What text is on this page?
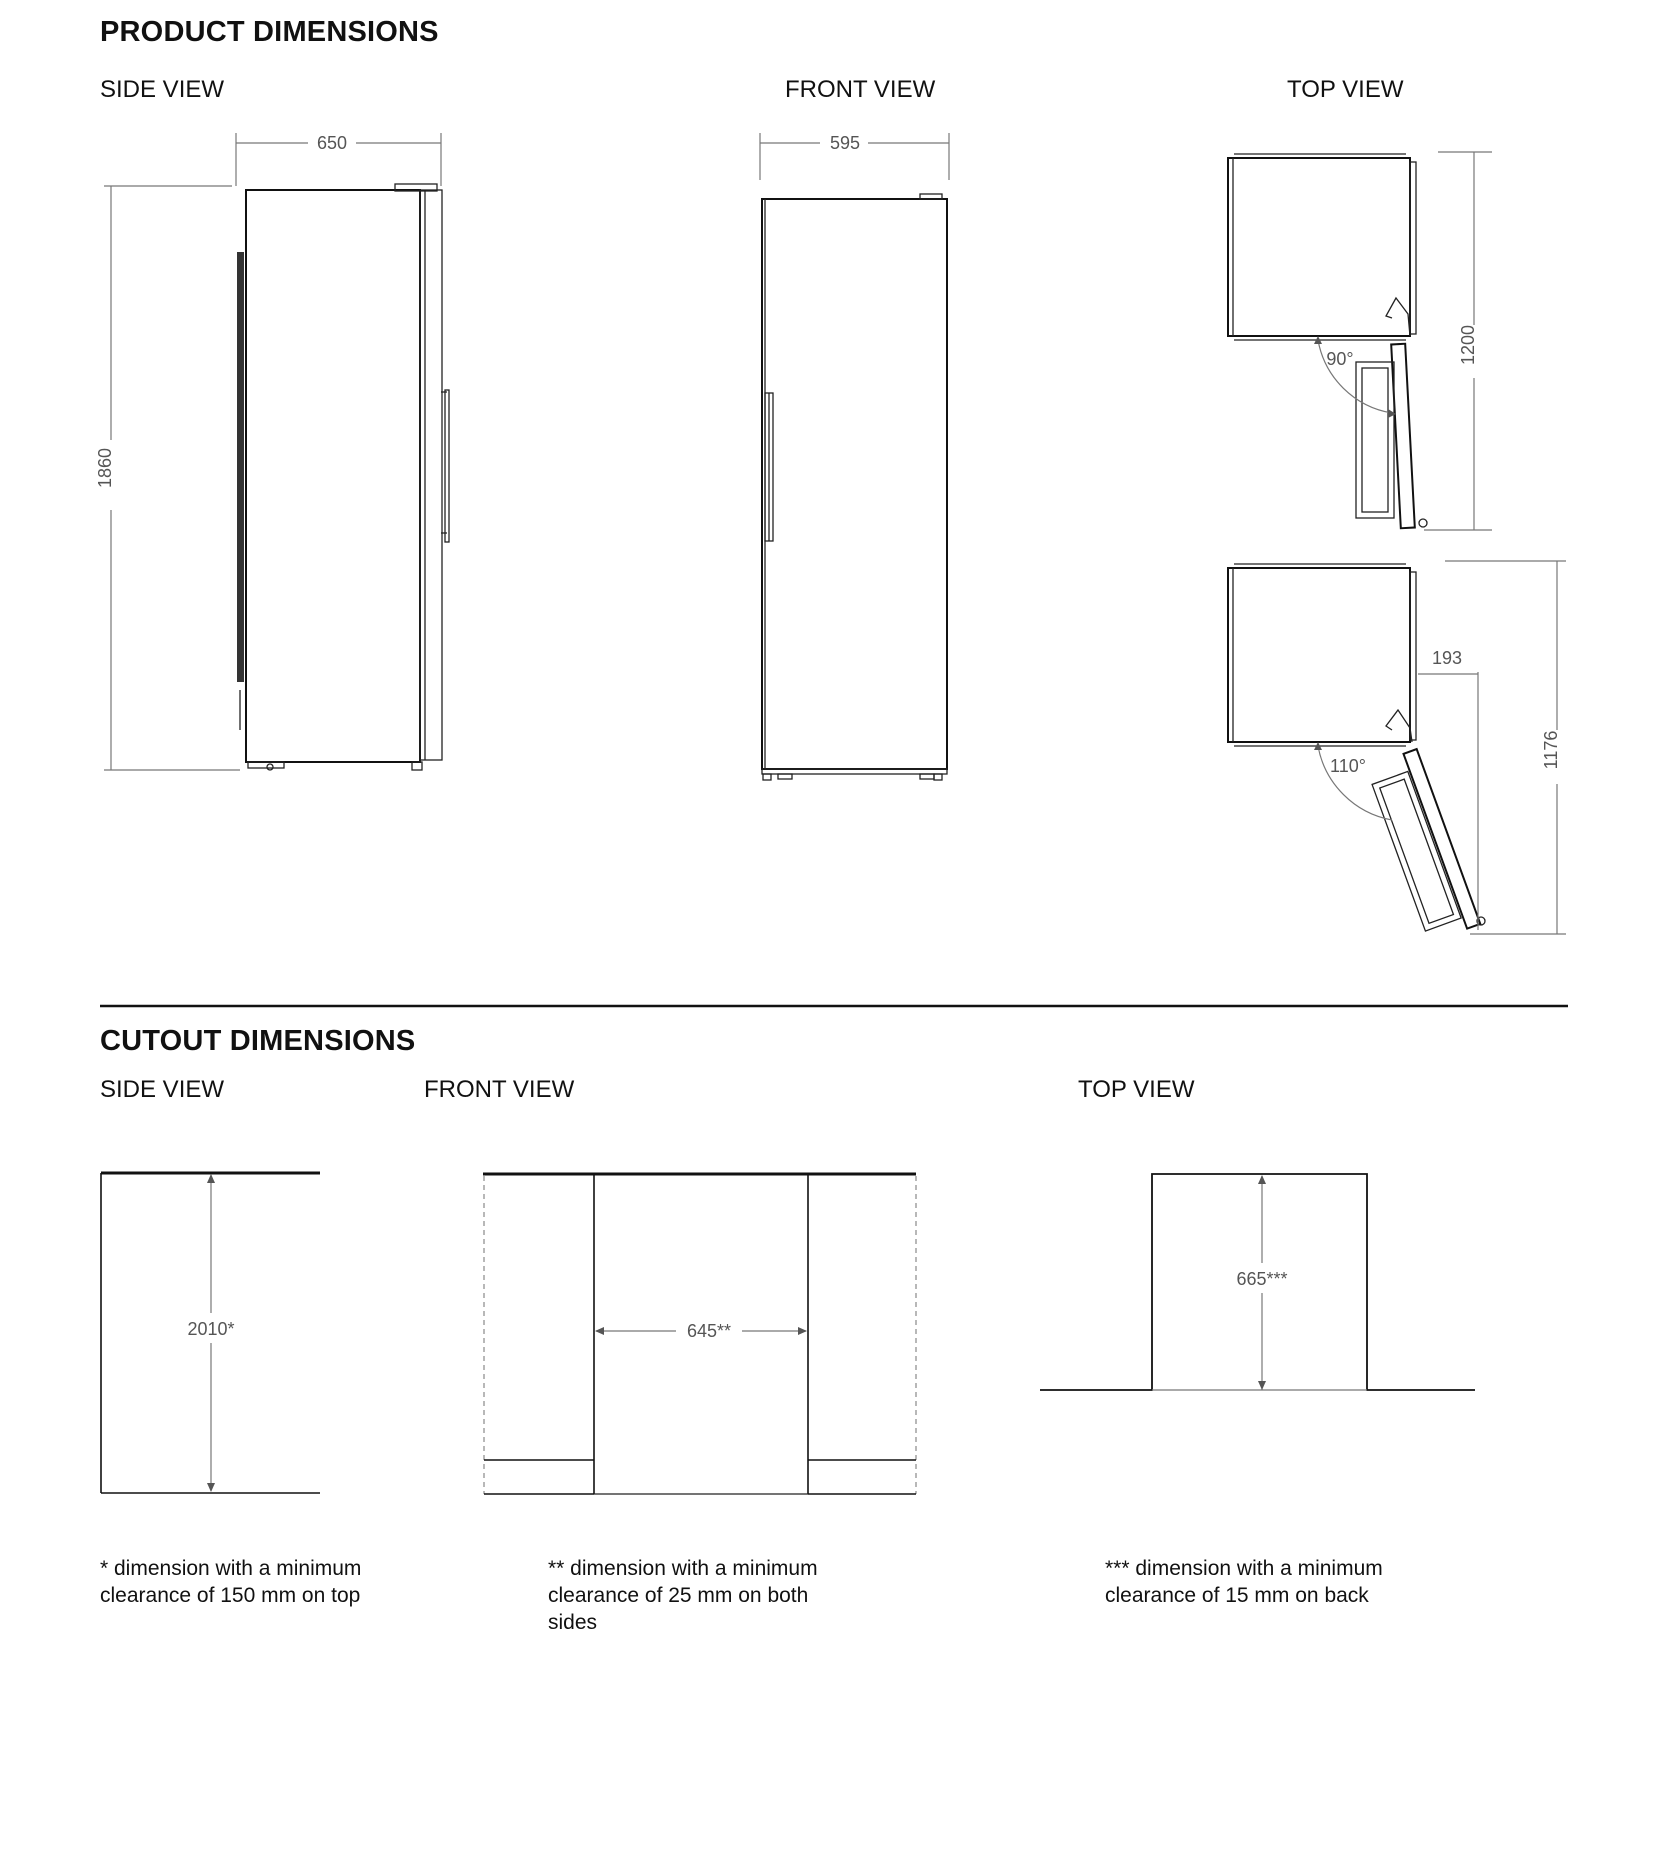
PRODUCT DIMENSIONS
SIDE VIEW	FRONT VIEW	TOP VIEW
CUTOUT DIMENSIONS
SIDE VIEW	FRONT VIEW	TOP VIEW
650
1860
595
90°	1200
193
110°	1176
2010*	645**
665***
* dimension with a minimum clearance of 150 mm on top
** dimension with a minimum clearance of 25 mm on both sides
*** dimension with a minimum clearance of 15 mm on back
